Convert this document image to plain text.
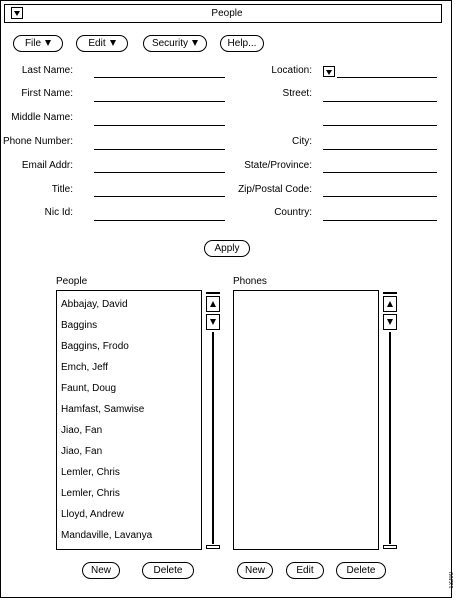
People
File	Edit	Security	Help...
Last Name:
First Name:
Middle Name:
Phone Number:
Email Addr:
Title:
Nic Id:
Location:
Street:
City:
State/Province:
Zip/Postal Code:
Country:
Apply
People
Abbajay, David
Baggins
Baggins, Frodo
Emch, Jeff
Faunt, Doug
Hamfast, Samwise
Jiao, Fan
Jiao, Fan
Lemler, Chris
Lemler, Chris
Lloyd, Andrew
Mandaville, Lavanya
New	Delete
Phones
New	Edit	Delete
13290
